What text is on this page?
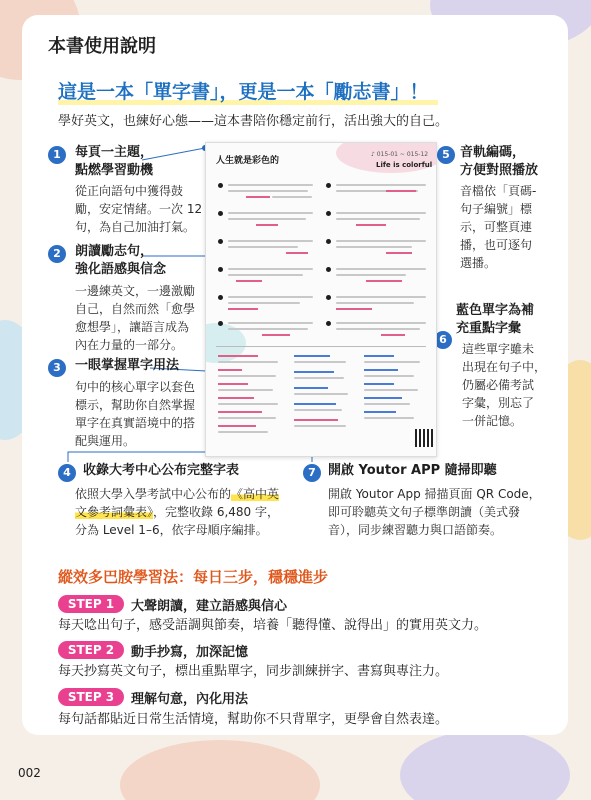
本書使用說明
這是一本「單字書」，更是一本「勵志書」！
學好英文，也練好心態——這本書陪你穩定前行，活出強大的自己。
1	每頁一主題，
點燃學習動機
從正向語句中獲得鼓
勵，安定情緒。一次 12
句，為自己加油打氣。
2	朗讀勵志句，
強化語感與信念
一邊練英文，一邊激勵
自己，自然而然「愈學
愈想學」，讓語言成為
內在力量的一部分。
3	一眼掌握單字用法
句中的核心單字以套色
標示，幫助你自然掌握
單字在真實語境中的搭
配與運用。
4 收錄大考中心公布完整字表
依照大學入學考試中心公布的《高中英
文參考詞彙表》，完整收錄 6,480 字，
分為 Level 1–6，依字母順序編排。
5 音軌編碼，
方便對照播放
音檔依「頁碼-
句子編號」標
示，可整頁連
播，也可逐句
選播。
6
藍色單字為補
充重點字彙
這些單字雖未
出現在句子中，
仍屬必備考試
字彙，別忘了
一併記憶。
7 開啟 Youtor APP 隨掃即聽
開啟 Youtor App 掃描頁面 QR Code，
即可聆聽英文句子標準朗讀（美式發
音），同步練習聽力與口語節奏。
人生就是彩色的
♪ 015-01 ~ 015-12
Life is colorful
縱效多巴胺學習法：每日三步，穩穩進步
STEP 1	大聲朗讀，建立語感與信心
每天唸出句子，感受語調與節奏，培養「聽得懂、說得出」的實用英文力。
STEP 2	動手抄寫，加深記憶
每天抄寫英文句子，標出重點單字，同步訓練拼字、書寫與專注力。
STEP 3	理解句意，內化用法
每句話都貼近日常生活情境，幫助你不只背單字，更學會自然表達。
002
